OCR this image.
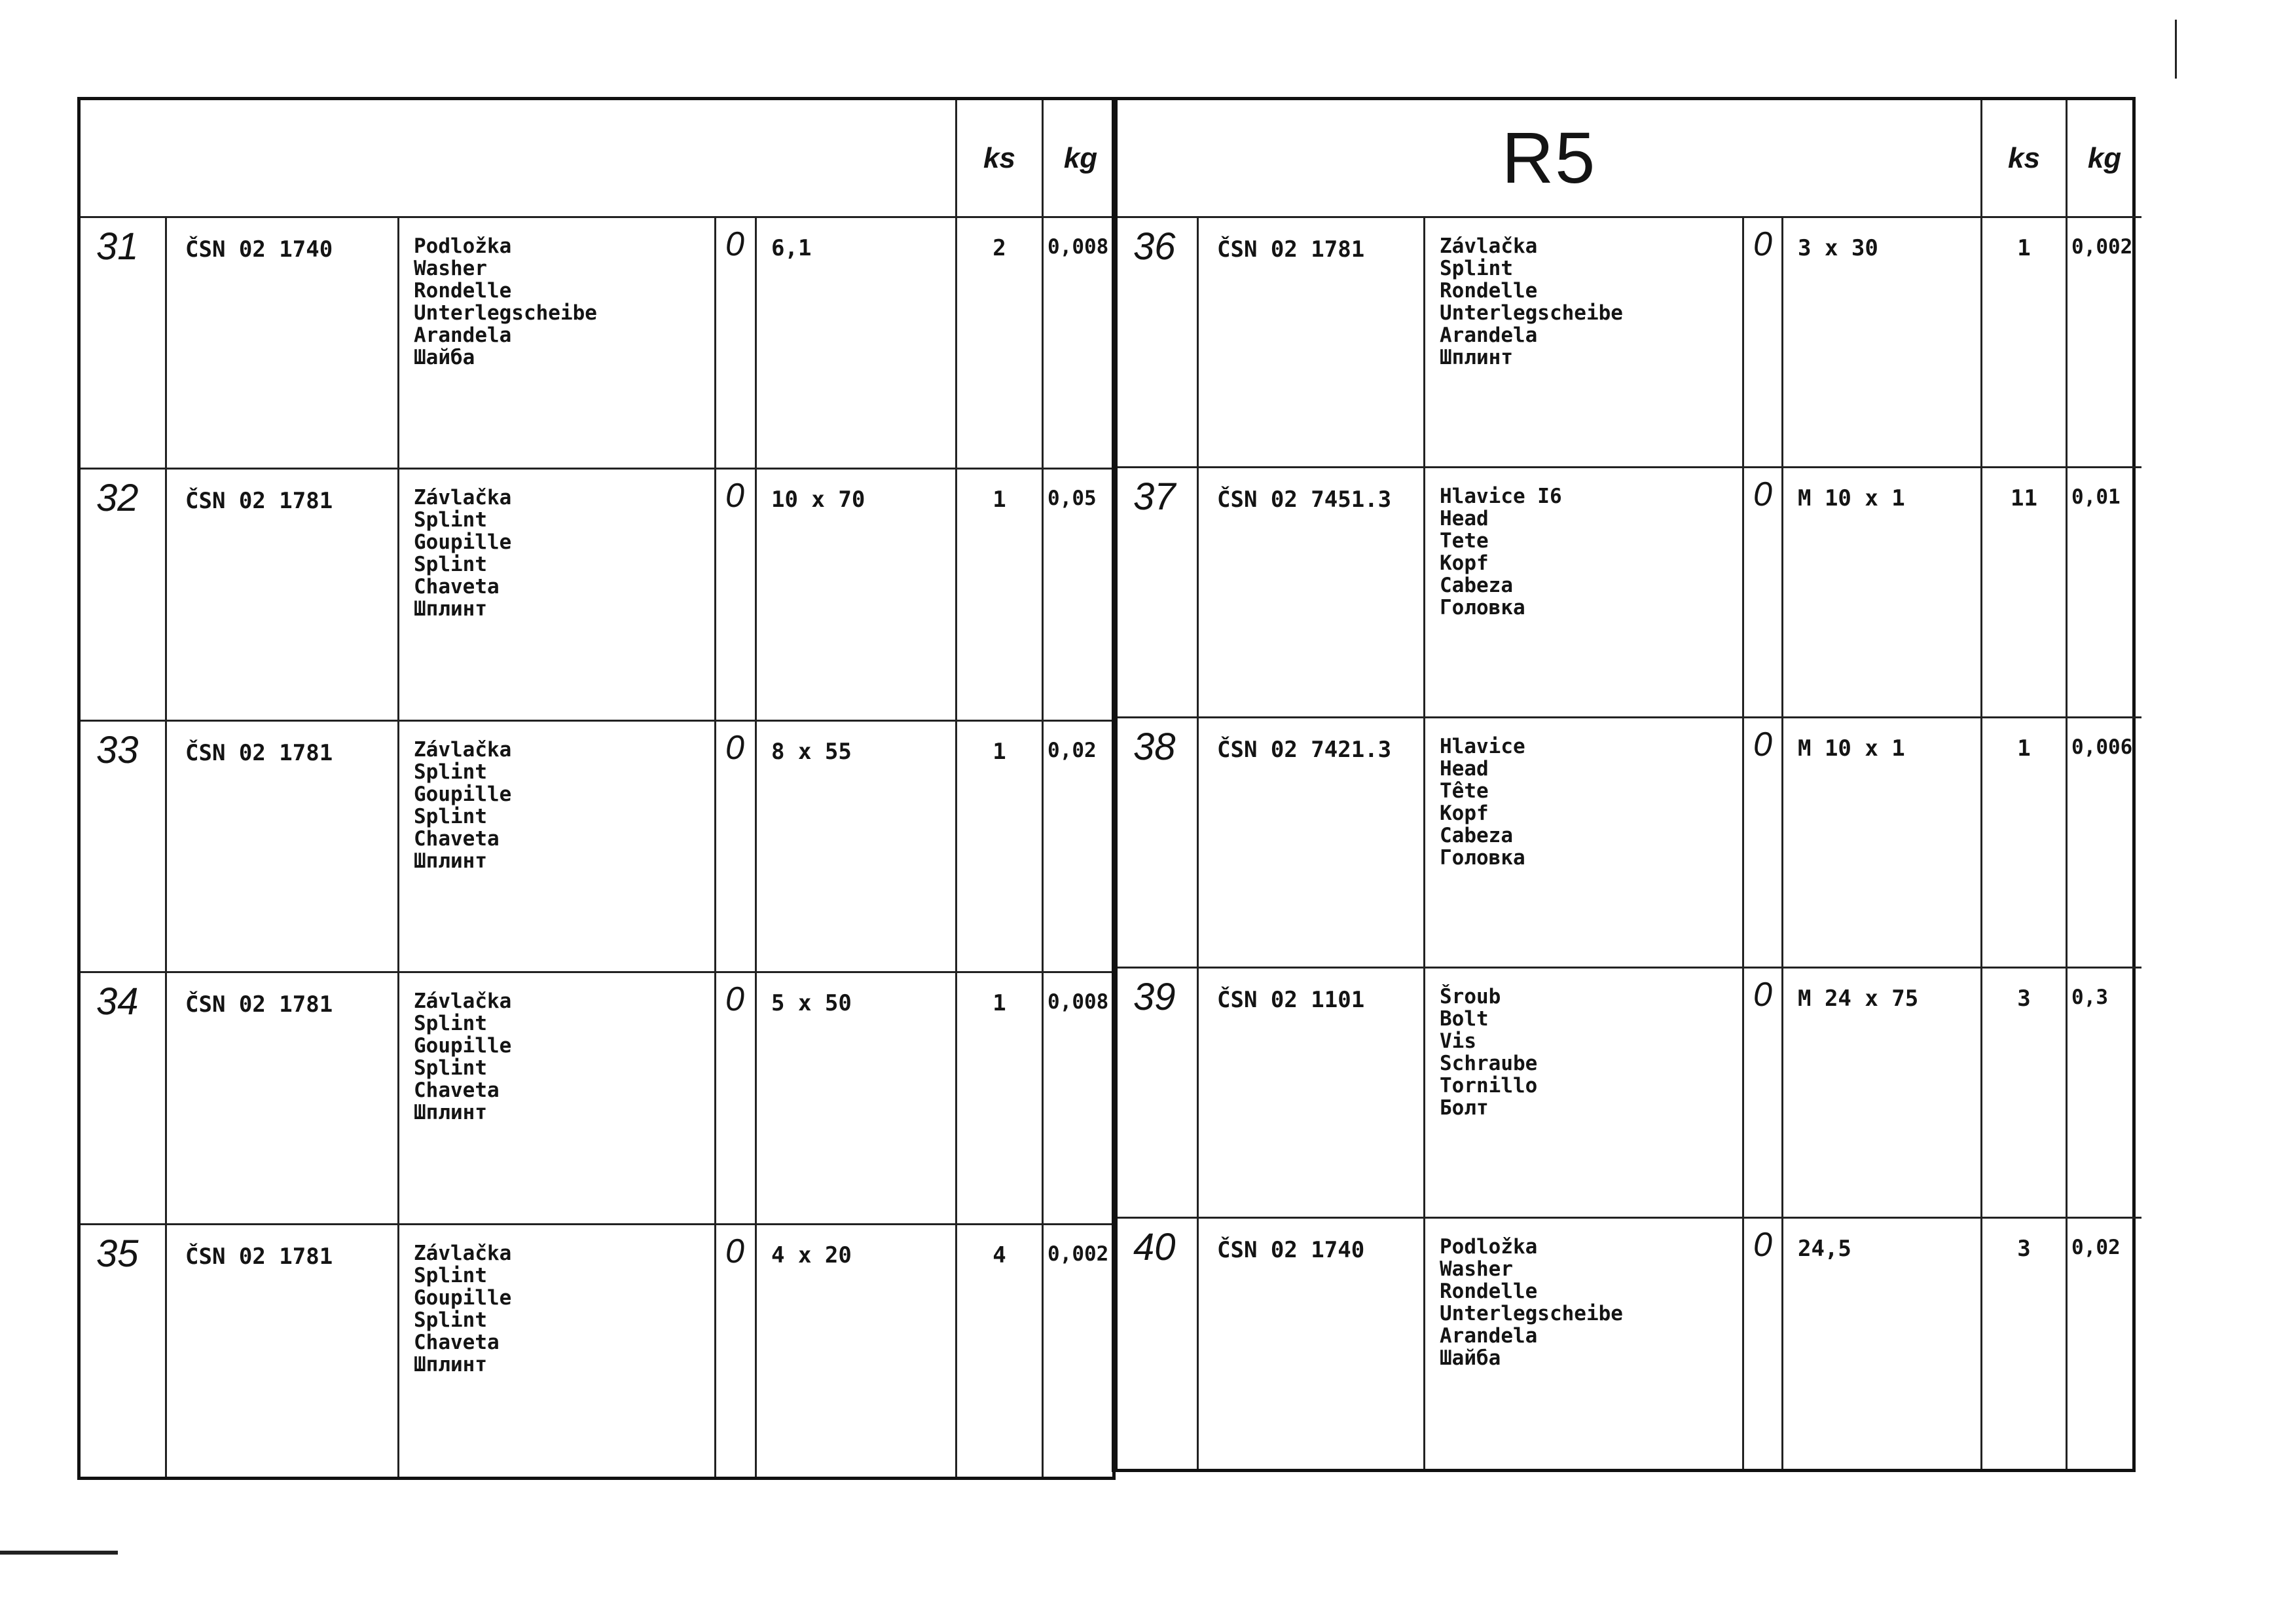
ks	kg
31	ČSN 02 1740	Podložka
Washer
Rondelle
Unterlegscheibe
Arandela
Шайба
0	6,1	2	0,008
32	ČSN 02 1781	Závlačka
Splint
Goupille
Splint
Chaveta
Шплинт
0	10 x 70	1	0,05
33	ČSN 02 1781	Závlačka
Splint
Goupille
Splint
Chaveta
Шплинт
0	8 x 55	1	0,02
34	ČSN 02 1781	Závlačka
Splint
Goupille
Splint
Chaveta
Шплинт
0	5 x 50	1	0,008
35	ČSN 02 1781	Závlačka
Splint
Goupille
Splint
Chaveta
Шплинт
0	4 x 20	4	0,002
R5	ks	kg
36	ČSN 02 1781	Závlačka
Splint
Rondelle
Unterlegscheibe
Arandela
Шплинт
0	3 x 30	1	0,002
37	ČSN 02 7451.3	Hlavice I6
Head
Tete
Kopf
Cabeza
Головка
0	M 10 x 1	11	0,01
38	ČSN 02 7421.3	Hlavice
Head
Tête
Kopf
Cabeza
Головка
0	M 10 x 1	1	0,006
39	ČSN 02 1101	Šroub
Bolt
Vis
Schraube
Tornillo
Болт
0	M 24 x 75	3	0,3
40	ČSN 02 1740	Podložka
Washer
Rondelle
Unterlegscheibe
Arandela
Шайба
0	24,5	3	0,02
